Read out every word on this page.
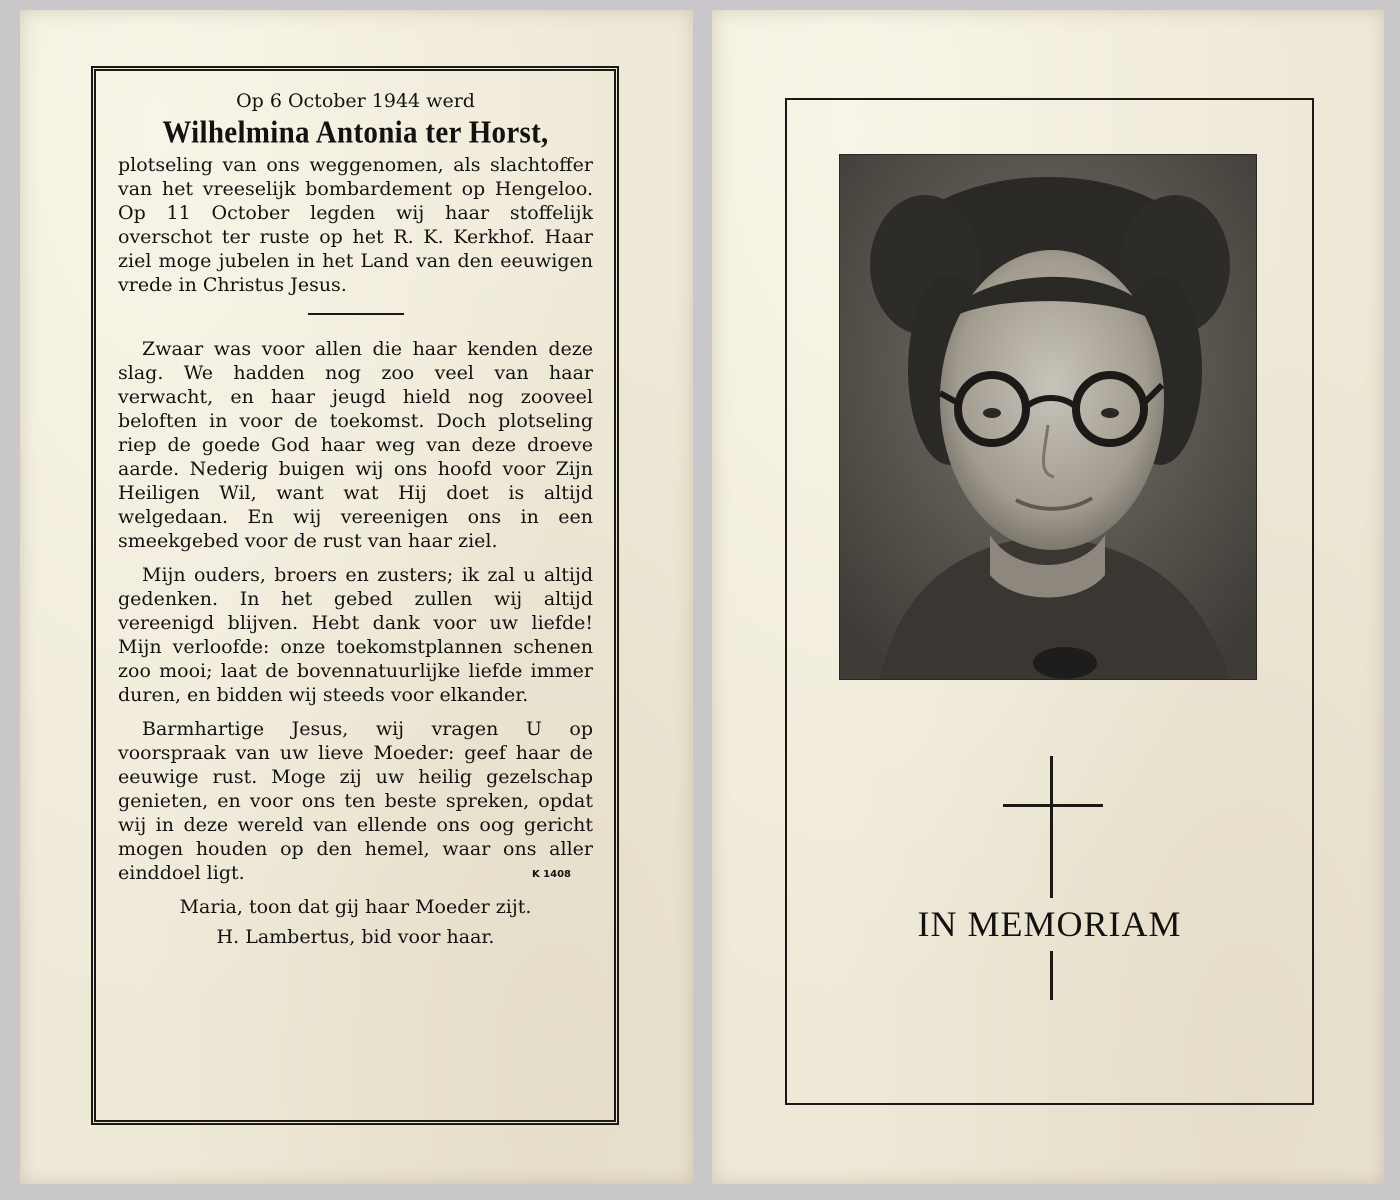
Op 6 October 1944 werd

Wilhelmina Antonia ter Horst,

plotseling van ons weggenomen, als slachtoffer van het vreeselijk bombardement op Hengeloo. Op 11 October legden wij haar stoffelijk overschot ter ruste op het R. K. Kerkhof. Haar ziel moge jubelen in het Land van den eeuwigen vrede in Christus Jesus.

Zwaar was voor allen die haar kenden deze slag. We hadden nog zoo veel van haar verwacht, en haar jeugd hield nog zooveel beloften in voor de toekomst. Doch plotseling riep de goede God haar weg van deze droeve aarde. Nederig buigen wij ons hoofd voor Zijn Heiligen Wil, want wat Hij doet is altijd welgedaan. En wij vereenigen ons in een smeekgebed voor de rust van haar ziel.

Mijn ouders, broers en zusters; ik zal u altijd gedenken. In het gebed zullen wij altijd vereenigd blijven. Hebt dank voor uw liefde! Mijn verloofde: onze toekomstplannen schenen zoo mooi; laat de bovennatuurlijke liefde immer duren, en bidden wij steeds voor elkander.

Barmhartige Jesus, wij vragen U op voorspraak van uw lieve Moeder: geef haar de eeuwige rust. Moge zij uw heilig gezelschap genieten, en voor ons ten beste spreken, opdat wij in deze wereld van ellende ons oog gericht mogen houden op den hemel, waar ons aller einddoel ligt.	K 1408

Maria, toon dat gij haar Moeder zijt.

H. Lambertus, bid voor haar.	IN MEMORIAM
